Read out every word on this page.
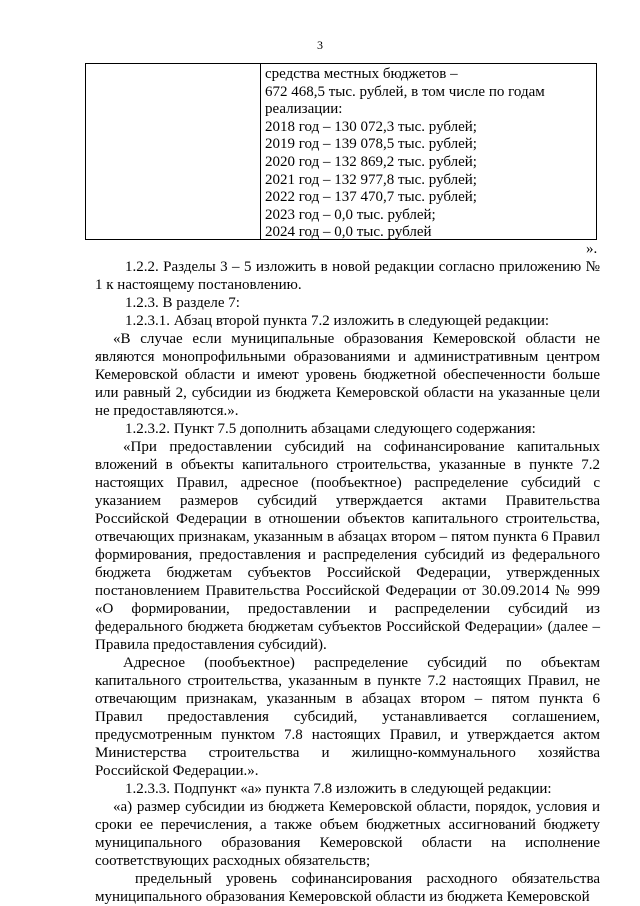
3
средства местных бюджетов –
672 468,5 тыс. рублей, в том числе по годам
реализации:
2018 год – 130 072,3 тыс. рублей;
2019 год – 139 078,5 тыс. рублей;
2020 год – 132 869,2 тыс. рублей;
2021 год – 132 977,8 тыс. рублей;
2022 год – 137 470,7 тыс. рублей;
2023 год – 0,0 тыс. рублей;
2024 год – 0,0 тыс. рублей
».

1.2.2. Разделы 3 – 5 изложить в новой редакции согласно приложению № 1 к настоящему постановлению.

1.2.3. В разделе 7:

1.2.3.1. Абзац второй пункта 7.2 изложить в следующей редакции:

«В случае если муниципальные образования Кемеровской области не являются монопрофильными образованиями и административным центром Кемеровской области и имеют уровень бюджетной обеспеченности больше или равный 2, субсидии из бюджета Кемеровской области на указанные цели не предоставляются.».

1.2.3.2. Пункт 7.5 дополнить абзацами следующего содержания:

«При предоставлении субсидий на софинансирование капитальных вложений в объекты капитального строительства, указанные в пункте 7.2 настоящих Правил, адресное (пообъектное) распределение субсидий с указанием размеров субсидий утверждается актами Правительства Российской Федерации в отношении объектов капитального строительства, отвечающих признакам, указанным в абзацах втором – пятом пункта 6 Правил формирования, предоставления и распределения субсидий из федерального бюджета бюджетам субъектов Российской Федерации, утвержденных постановлением Правительства Российской Федерации от 30.09.2014 № 999 «О формировании, предоставлении и распределении субсидий из федерального бюджета бюджетам субъектов Российской Федерации» (далее – Правила предоставления субсидий).

Адресное (пообъектное) распределение субсидий по объектам капитального строительства, указанным в пункте 7.2 настоящих Правил, не отвечающим признакам, указанным в абзацах втором – пятом пункта 6 Правил предоставления субсидий, устанавливается соглашением, предусмотренным пунктом 7.8 настоящих Правил, и утверждается актом Министерства строительства и жилищно-коммунального хозяйства Российской Федерации.».

1.2.3.3. Подпункт «а» пункта 7.8 изложить в следующей редакции:

«а) размер субсидии из бюджета Кемеровской области, порядок, условия и сроки ее перечисления, а также объем бюджетных ассигнований бюджету муниципального образования Кемеровской области на исполнение соответствующих расходных обязательств;

предельный уровень софинансирования расходного обязательства муниципального образования Кемеровской области из бюджета Кемеровской
